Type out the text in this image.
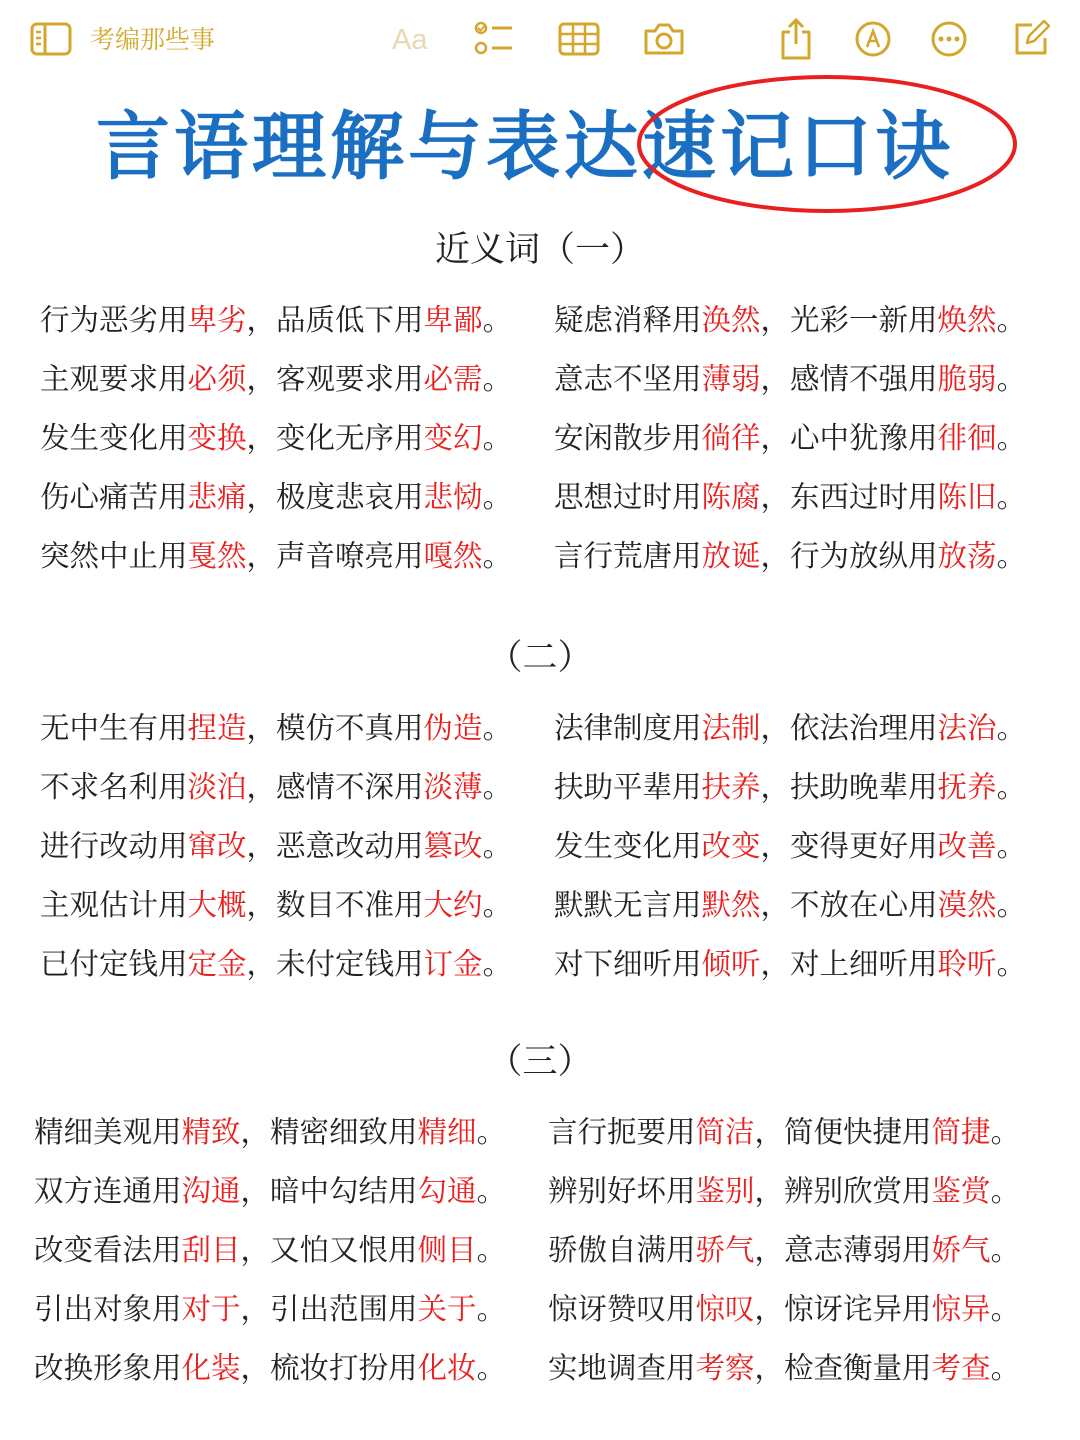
考编那些事	Aa
言语理解与表达速记口诀
近义词（一）
行为恶劣用卑劣，品质低下用卑鄙。 疑虑消释用涣然，光彩一新用焕然。
主观要求用必须，客观要求用必需。 意志不坚用薄弱，感情不强用脆弱。
发生变化用变换，变化无序用变幻。 安闲散步用徜徉，心中犹豫用徘徊。
伤心痛苦用悲痛，极度悲哀用悲恸。 思想过时用陈腐，东西过时用陈旧。
突然中止用戛然，声音嘹亮用嘎然。 言行荒唐用放诞，行为放纵用放荡。
（二）
无中生有用捏造，模仿不真用伪造。 法律制度用法制，依法治理用法治。
不求名利用淡泊，感情不深用淡薄。 扶助平辈用扶养，扶助晚辈用抚养。
进行改动用窜改，恶意改动用篡改。 发生变化用改变，变得更好用改善。
主观估计用大概，数目不准用大约。 默默无言用默然，不放在心用漠然。
已付定钱用定金，未付定钱用订金。 对下细听用倾听，对上细听用聆听。
（三）
精细美观用精致，精密细致用精细。 言行扼要用简洁，简便快捷用简捷。
双方连通用沟通，暗中勾结用勾通。 辨别好坏用鉴别，辨别欣赏用鉴赏。
改变看法用刮目，又怕又恨用侧目。 骄傲自满用骄气，意志薄弱用娇气。
引出对象用对于，引出范围用关于。 惊讶赞叹用惊叹，惊讶诧异用惊异。
改换形象用化装，梳妆打扮用化妆。 实地调查用考察，检查衡量用考查。
